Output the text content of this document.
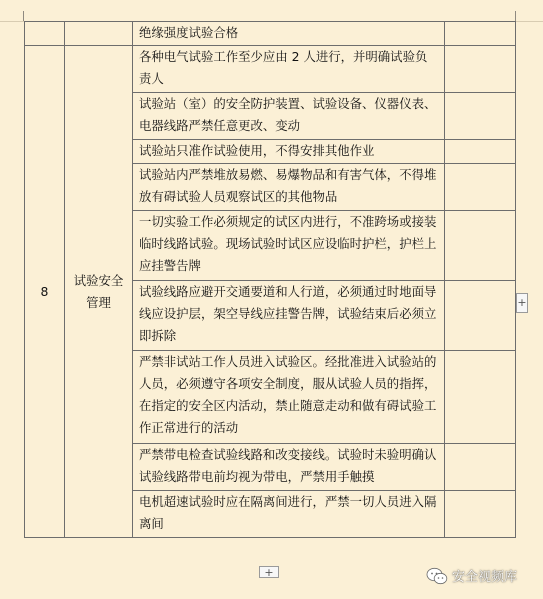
		绝缘强度试验合格	

8	试验安全管理	各种电气试验工作至少应由 2 人进行，并明确试验负责人	

		试验站（室）的安全防护装置、试验设备、仪器仪表、电器线路严禁任意更改、变动	

		试验站只准作试验使用，不得安排其他作业	

		试验站内严禁堆放易燃、易爆物品和有害气体，不得堆放有碍试验人员观察试区的其他物品	

		一切实验工作必须规定的试区内进行，不准跨场或接装临时线路试验。现场试验时试区应设临时护栏，护栏上应挂警告牌	

		试验线路应避开交通要道和人行道，必须通过时地面导线应设护层，架空导线应挂警告牌，试验结束后必须立即拆除	

		严禁非试站工作人员进入试验区。经批准进入试验站的人员，必须遵守各项安全制度，服从试验人员的指挥，在指定的安全区内活动，禁止随意走动和做有碍试验工作正常进行的活动	

		严禁带电检查试验线路和改变接线。试验时未验明确认试验线路带电前均视为带电，严禁用手触摸	

		电机超速试验时应在隔离间进行，严禁一切人员进入隔离间	

+
+
安全视频库
